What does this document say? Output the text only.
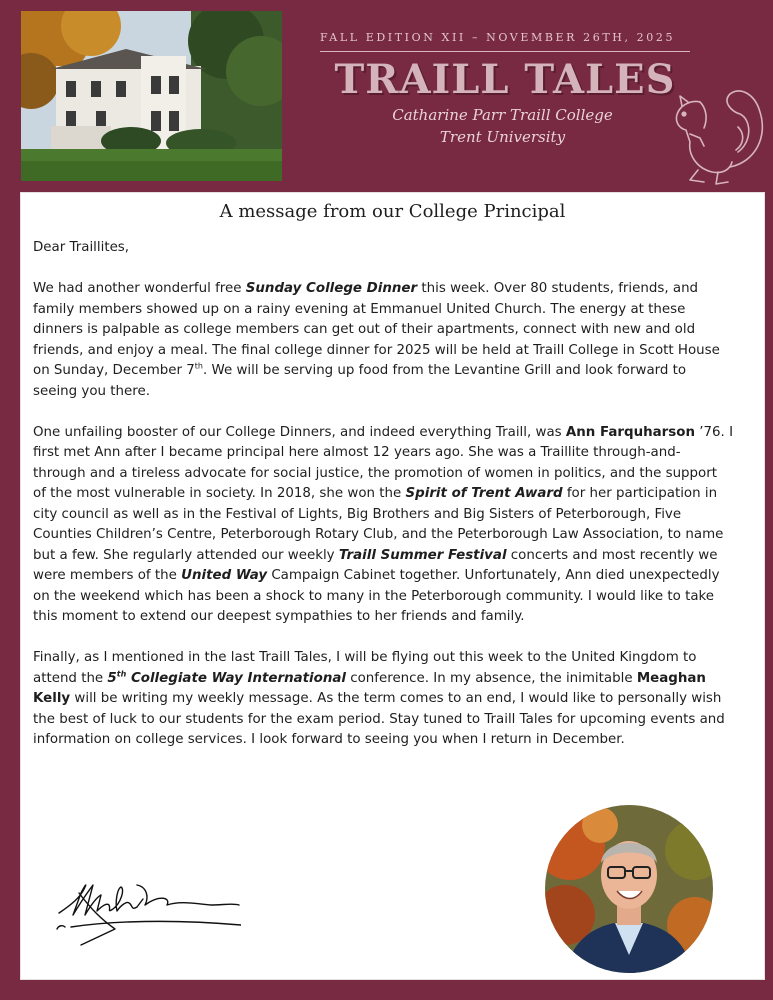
FALL EDITION XII – NOVEMBER 26TH, 2025
TRAILL TALES
Catharine Parr Traill College
Trent University
A message from our College Principal

Dear Traillites,

We had another wonderful free Sunday College Dinner this week. Over 80 students, friends, and family members showed up on a rainy evening at Emmanuel United Church. The energy at these dinners is palpable as college members can get out of their apartments, connect with new and old friends, and enjoy a meal. The final college dinner for 2025 will be held at Traill College in Scott House on Sunday, December 7th. We will be serving up food from the Levantine Grill and look forward to seeing you there.

One unfailing booster of our College Dinners, and indeed everything Traill, was Ann Farquharson ’76. I first met Ann after I became principal here almost 12 years ago. She was a Traillite through-and-through and a tireless advocate for social justice, the promotion of women in politics, and the support of the most vulnerable in society. In 2018, she won the Spirit of Trent Award for her participation in city council as well as in the Festival of Lights, Big Brothers and Big Sisters of Peterborough, Five Counties Children’s Centre, Peterborough Rotary Club, and the Peterborough Law Association, to name but a few. She regularly attended our weekly Traill Summer Festival concerts and most recently we were members of the United Way Campaign Cabinet together. Unfortunately, Ann died unexpectedly on the weekend which has been a shock to many in the Peterborough community. I would like to take this moment to extend our deepest sympathies to her friends and family.

Finally, as I mentioned in the last Traill Tales, I will be flying out this week to the United Kingdom to attend the 5th Collegiate Way International conference. In my absence, the inimitable Meaghan Kelly will be writing my weekly message. As the term comes to an end, I would like to personally wish the best of luck to our students for the exam period. Stay tuned to Traill Tales for upcoming events and information on college services. I look forward to seeing you when I return in December.
